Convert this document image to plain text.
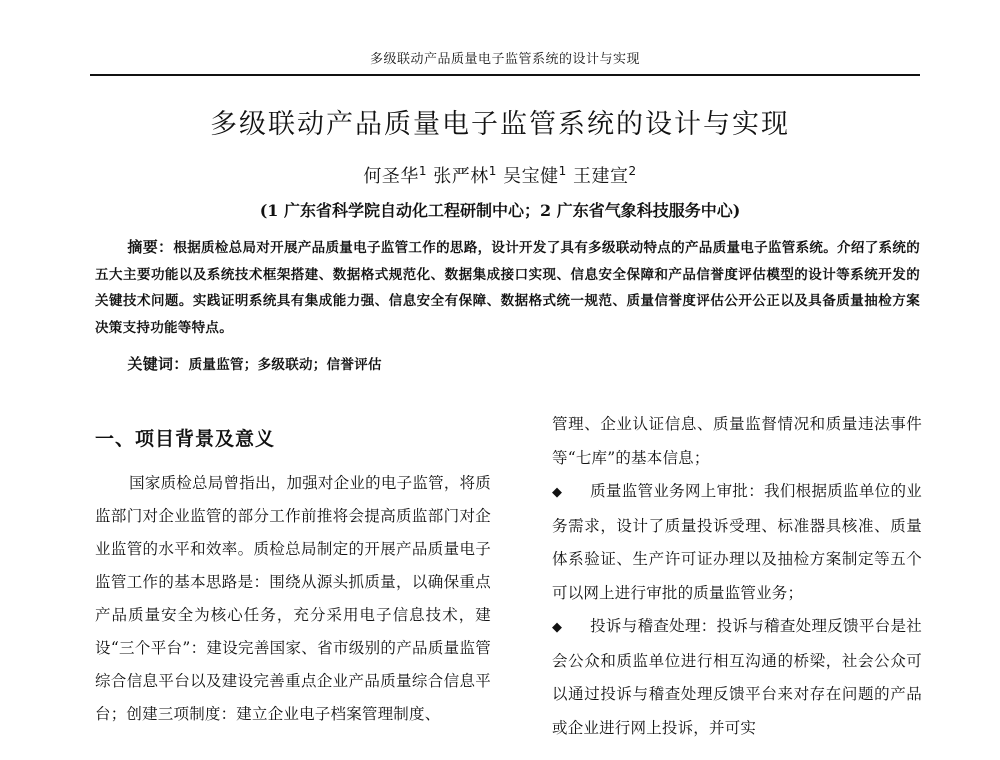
多级联动产品质量电子监管系统的设计与实现
多级联动产品质量电子监管系统的设计与实现
何圣华$^1$ 张严林$^1$ 吴宝健$^1$ 王建宣$^2$
(1 广东省科学院自动化工程研制中心；2 广东省气象科技服务中心)
摘要：根据质检总局对开展产品质量电子监管工作的思路，设计开发了具有多级联动特点的产品质量电子监管系统。介绍了系统的五大主要功能以及系统技术框架搭建、数据格式规范化、数据集成接口实现、信息安全保障和产品信誉度评估模型的设计等系统开发的关键技术问题。实践证明系统具有集成能力强、信息安全有保障、数据格式统一规范、质量信誉度评估公开公正以及具备质量抽检方案决策支持功能等特点。
关键词：质量监管；多级联动；信誉评估
一、项目背景及意义

国家质检总局曾指出，加强对企业的电子监管，将质监部门对企业监管的部分工作前推将会提高质监部门对企业监管的水平和效率。质检总局制定的开展产品质量电子监管工作的基本思路是：围绕从源头抓质量，以确保重点产品质量安全为核心任务，充分采用电子信息技术，建设“三个平台”：建设完善国家、省市级别的产品质量监管综合信息平台以及建设完善重点企业产品质量综合信息平台；创建三项制度：建立企业电子档案管理制度、

管理、企业认证信息、质量监督情况和质量违法事件等“七库”的基本信息；

◆ 质量监管业务网上审批：我们根据质监单位的业务需求，设计了质量投诉受理、标准器具核准、质量体系验证、生产许可证办理以及抽检方案制定等五个可以网上进行审批的质量监管业务；

◆ 投诉与稽查处理：投诉与稽查处理反馈平台是社会公众和质监单位进行相互沟通的桥梁，社会公众可以通过投诉与稽查处理反馈平台来对存在问题的产品或企业进行网上投诉，并可实
